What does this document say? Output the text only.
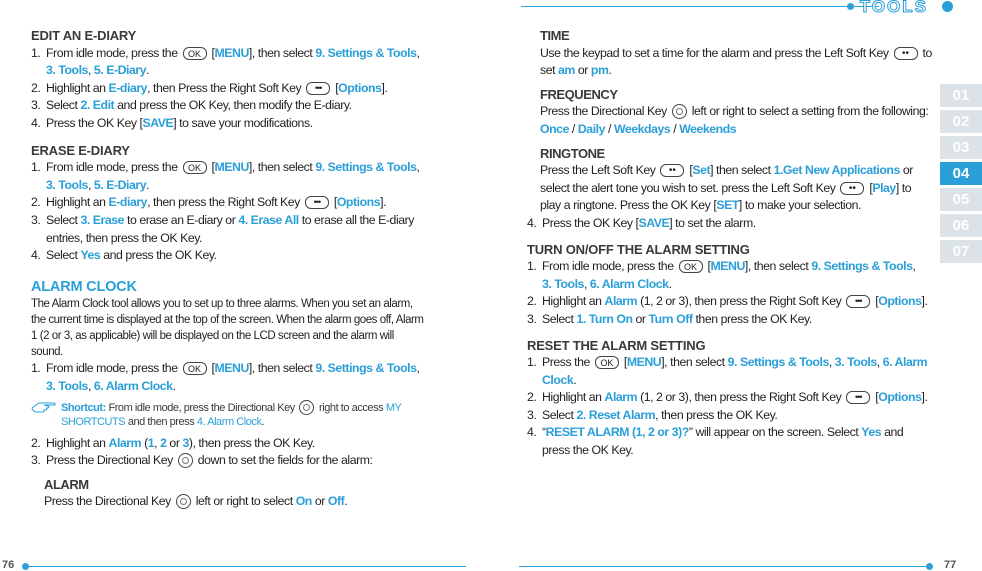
EDIT AN E-DIARY
1. From idle mode, press the OK	[MENU], then select 9. Settings & Tools,
3. Tools, 5. E-Diary.
2. Highlight an E-diary, then Press the Right Soft Key •••	[Options].
3. Select 2. Edit and press the OK Key, then modify the E-diary.
4. Press the OK Key [SAVE] to save your modifications.
ERASE E-DIARY
1. From idle mode, press the OK	[MENU], then select 9. Settings & Tools,
3. Tools, 5. E-Diary.
2. Highlight an E-diary, then press the Right Soft Key •••	[Options].
3. Select 3. Erase to erase an E-diary or 4. Erase All to erase all the E-diary entries, then press the OK Key.
4. Select Yes and press the OK Key.
ALARM CLOCK

The Alarm Clock tool allows you to set up to three alarms. When you set an alarm, the current time is displayed at the top of the screen. When the alarm goes off, Alarm 1 (2 or 3, as applicable) will be displayed on the LCD screen and the alarm will sound.

1. From idle mode, press the OK	[MENU], then select 9. Settings & Tools,
3. Tools, 6. Alarm Clock.
Shortcut: From idle mode, press the Directional Key right to access MY SHORTCUTS and then press 4. Alarm Clock.
2. Highlight an Alarm (1, 2 or 3), then press the OK Key.
3. Press the Directional Key down to set the fields for the alarm:
ALARM
Press the Directional Key left or right to select On or Off.
76
TOOLS
TIME
Use the keypad to set a time for the alarm and press the Left Soft Key ••	to set am or pm.
FREQUENCY
Press the Directional Key left or right to select a setting from the following:
Once / Daily / Weekdays / Weekends
RINGTONE
Press the Left Soft Key ••	[Set] then select 1.Get New Applications or select the alert tone you wish to set. press the Left Soft Key ••	[Play] to play a ringtone. Press the OK Key [SET] to make your selection.
4. Press the OK Key [SAVE] to set the alarm.
TURN ON/OFF THE ALARM SETTING
1. From idle mode, press the OK	[MENU], then select 9. Settings & Tools,
3. Tools, 6. Alarm Clock.
2. Highlight an Alarm (1, 2 or 3), then press the Right Soft Key •••	[Options].
3. Select 1. Turn On or Turn Off then press the OK Key.
RESET THE ALARM SETTING
1. Press the OK	[MENU], then select 9. Settings & Tools, 3. Tools, 6. Alarm Clock.
2. Highlight an Alarm (1, 2 or 3), then press the Right Soft Key •••	[Options].
3. Select 2. Reset Alarm, then press the OK Key.
4. “RESET ALARM (1, 2 or 3)?” will appear on the screen. Select Yes and press the OK Key.
01
02
03
04
05
06
07
77
